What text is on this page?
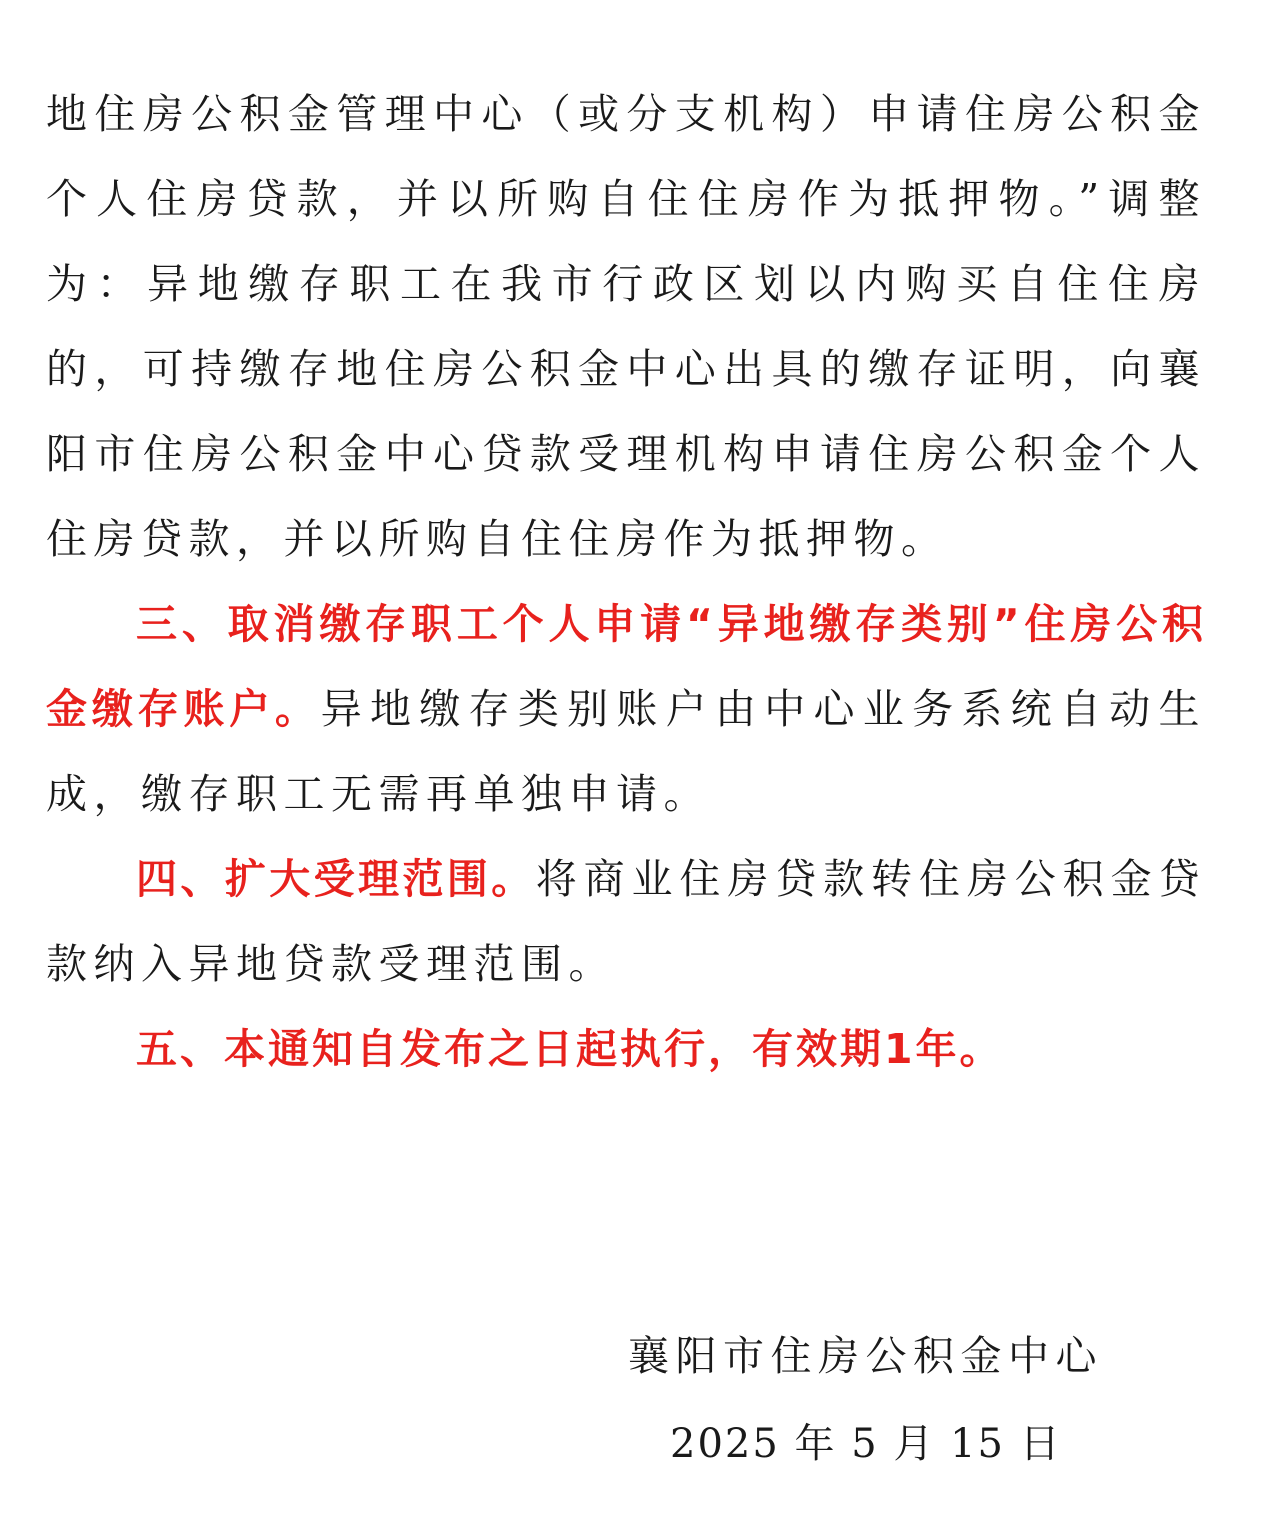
地住房公积金管理中心（或分支机构）申请住房公积金个人住房贷款，并以所购自住住房作为抵押物。”调整为：异地缴存职工在我市行政区划以内购买自住住房的，可持缴存地住房公积金中心出具的缴存证明，向襄阳市住房公积金中心贷款受理机构申请住房公积金个人住房贷款，并以所购自住住房作为抵押物。

三、取消缴存职工个人申请“异地缴存类别”住房公积金缴存账户。异地缴存类别账户由中心业务系统自动生成，缴存职工无需再单独申请。

四、扩大受理范围。将商业住房贷款转住房公积金贷款纳入异地贷款受理范围。

五、本通知自发布之日起执行，有效期1年。

襄阳市住房公积金中心
2025 年 5 月 15 日
